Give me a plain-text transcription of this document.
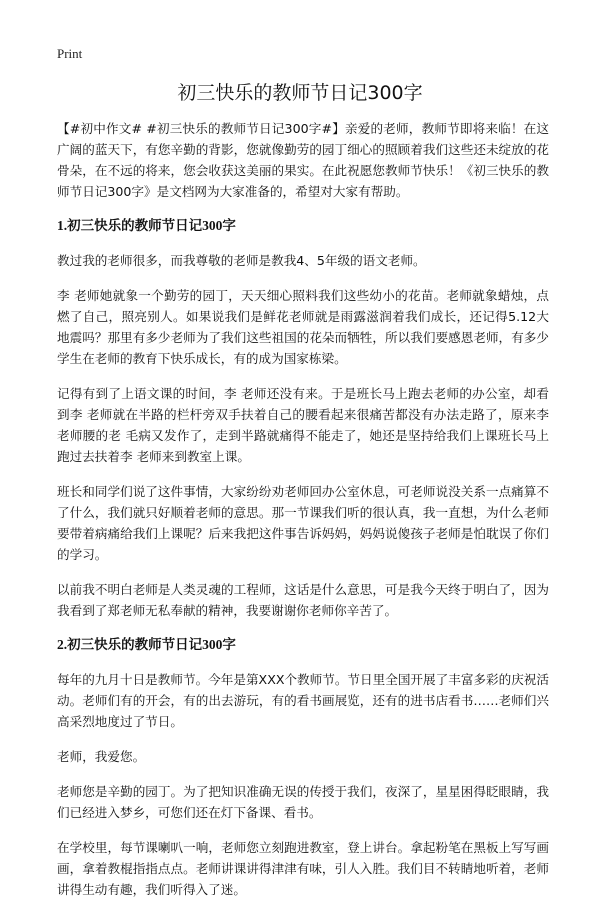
Print
初三快乐的教师节日记300字

【#初中作文# #初三快乐的教师节日记300字#】亲爱的老师，教师节即将来临！在这广阔的蓝天下，有您辛勤的背影，您就像勤劳的园丁细心的照顾着我们这些还未绽放的花骨朵，在不远的将来，您会收获这美丽的果实。在此祝愿您教师节快乐！《初三快乐的教师节日记300字》是文档网为大家准备的，希望对大家有帮助。

1.初三快乐的教师节日记300字

教过我的老师很多，而我尊敬的老师是教我4、5年级的语文老师。

李 老师她就象一个勤劳的园丁，天天细心照料我们这些幼小的花苗。老师就象蜡烛，点燃了自己，照亮别人。如果说我们是鲜花老师就是雨露滋润着我们成长，还记得5.12大地震吗？那里有多少老师为了我们这些祖国的花朵而牺牲，所以我们要感恩老师，有多少学生在老师的教育下快乐成长，有的成为国家栋梁。

记得有到了上语文课的时间，李 老师还没有来。于是班长马上跑去老师的办公室，却看到李 老师就在半路的栏杆旁双手扶着自己的腰看起来很痛苦都没有办法走路了，原来李 老师腰的老 毛病又发作了，走到半路就痛得不能走了，她还是坚持给我们上课班长马上跑过去扶着李 老师来到教室上课。

班长和同学们说了这件事情，大家纷纷劝老师回办公室休息，可老师说没关系一点痛算不了什么，我们就只好顺着老师的意思。那一节课我们听的很认真，我一直想，为什么老师要带着病痛给我们上课呢？后来我把这件事告诉妈妈，妈妈说傻孩子老师是怕耽误了你们的学习。

以前我不明白老师是人类灵魂的工程师，这话是什么意思，可是我今天终于明白了，因为我看到了郑老师无私奉献的精神，我要谢谢你老师你辛苦了。

2.初三快乐的教师节日记300字

每年的九月十日是教师节。今年是第XXX个教师节。节日里全国开展了丰富多彩的庆祝活动。老师们有的开会，有的出去游玩，有的看书画展览，还有的进书店看书……老师们兴高采烈地度过了节日。

老师，我爱您。

老师您是辛勤的园丁。为了把知识准确无误的传授于我们，夜深了，星星困得眨眼睛，我们已经进入梦乡，可您们还在灯下备课、看书。

在学校里，每节课喇叭一响，老师您立刻跑进教室，登上讲台。拿起粉笔在黑板上写写画画，拿着教棍指指点点。老师讲课讲得津津有味，引人入胜。我们目不转睛地听着，老师讲得生动有趣，我们听得入了迷。
